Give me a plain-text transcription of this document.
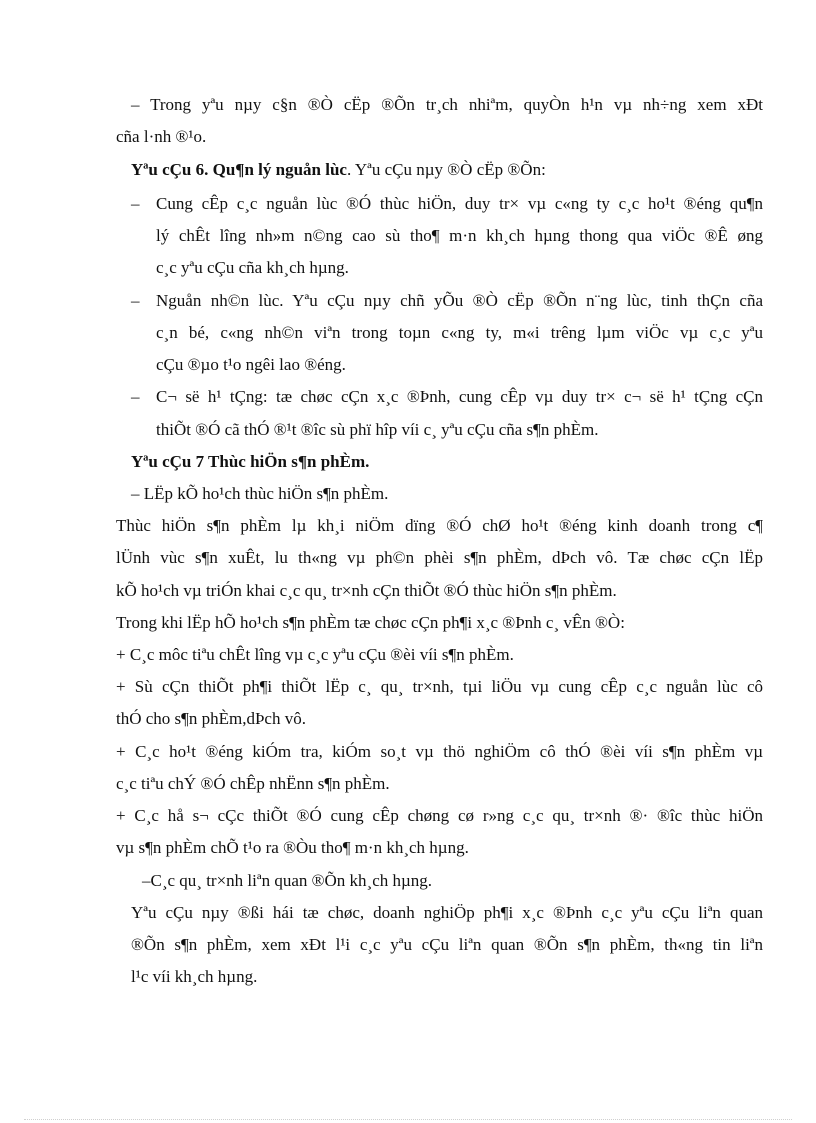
– Trong yªu nµy c§n ®Ò cËp ®Õn tr¸ch nhiªm, quyÒn h¹n vµ nh÷ng xem xÐt
cña l·nh ®¹o.
Yªu cÇu 6. Qu¶n lý nguån lùc. Yªu cÇu nµy ®Ò cËp ®Õn:
– Cung cÊp c¸c nguån lùc ®Ó thùc hiÖn, duy tr× vµ c«ng ty c¸c ho¹t ®éng qu¶n
lý chÊt lîng nh»m n©ng cao sù tho¶ m·n kh¸ch hµng thong qua viÖc ®Ê øng
c¸c yªu cÇu cña kh¸ch hµng.
– Nguån nh©n lùc. Yªu cÇu nµy chñ yÕu ®Ò cËp ®Õn n¨ng lùc, tinh thÇn cña
c¸n bé, c«ng nh©n viªn trong toµn c«ng ty, m«i trêng lµm viÖc vµ c¸c yªu
cÇu ®µo t¹o ngêi lao ®éng.
– C¬ së h¹ tÇng: tæ chøc cÇn x¸c ®Þnh, cung cÊp vµ duy tr× c¬ së h¹ tÇng cÇn
thiÕt ®Ó cã thÓ ®¹t ®îc sù phï hîp víi c¸ yªu cÇu cña s¶n phÈm.
Yªu cÇu 7 Thùc hiÖn s¶n phÈm.
– LËp kÕ ho¹ch thùc hiÖn s¶n phÈm.
Thùc hiÖn s¶n phÈm lµ kh¸i niÖm dïng ®Ó chØ ho¹t ®éng kinh doanh trong c¶
lÜnh vùc s¶n xuÊt, lu th«ng vµ ph©n phèi s¶n phÈm, dÞch vô. Tæ chøc cÇn lËp
kÕ ho¹ch vµ triÓn khai c¸c qu¸ tr×nh cÇn thiÕt ®Ó thùc hiÖn s¶n phÈm.
Trong khi lËp hÕ ho¹ch s¶n phÈm tæ chøc cÇn ph¶i x¸c ®Þnh c¸ vÊn ®Ò:
+ C¸c môc tiªu chÊt lîng vµ c¸c yªu cÇu ®èi víi s¶n phÈm.
+ Sù cÇn thiÕt ph¶i thiÕt lËp c¸ qu¸ tr×nh, tµi liÖu vµ cung cÊp c¸c nguån lùc cô
thÓ cho s¶n phÈm,dÞch vô.
+ C¸c ho¹t ®éng kiÓm tra, kiÓm so¸t vµ thö nghiÖm cô thÓ ®èi víi s¶n phÈm vµ
c¸c tiªu chÝ ®Ó chÊp nhËnn s¶n phÈm.
+ C¸c hå s¬ cÇc thiÕt ®Ó cung cÊp chøng cø r»ng c¸c qu¸ tr×nh ®· ®îc thùc hiÖn
vµ s¶n phÈm chÕ t¹o ra ®Òu tho¶ m·n kh¸ch hµng.
–C¸c qu¸ tr×nh liªn quan ®Õn kh¸ch hµng.
Yªu cÇu nµy ®ßi hái tæ chøc, doanh nghiÖp ph¶i x¸c ®Þnh c¸c yªu cÇu liªn quan
®Õn s¶n phÈm, xem xÐt l¹i c¸c yªu cÇu liªn quan ®Õn s¶n phÈm, th«ng tin liªn
l¹c víi kh¸ch hµng.
